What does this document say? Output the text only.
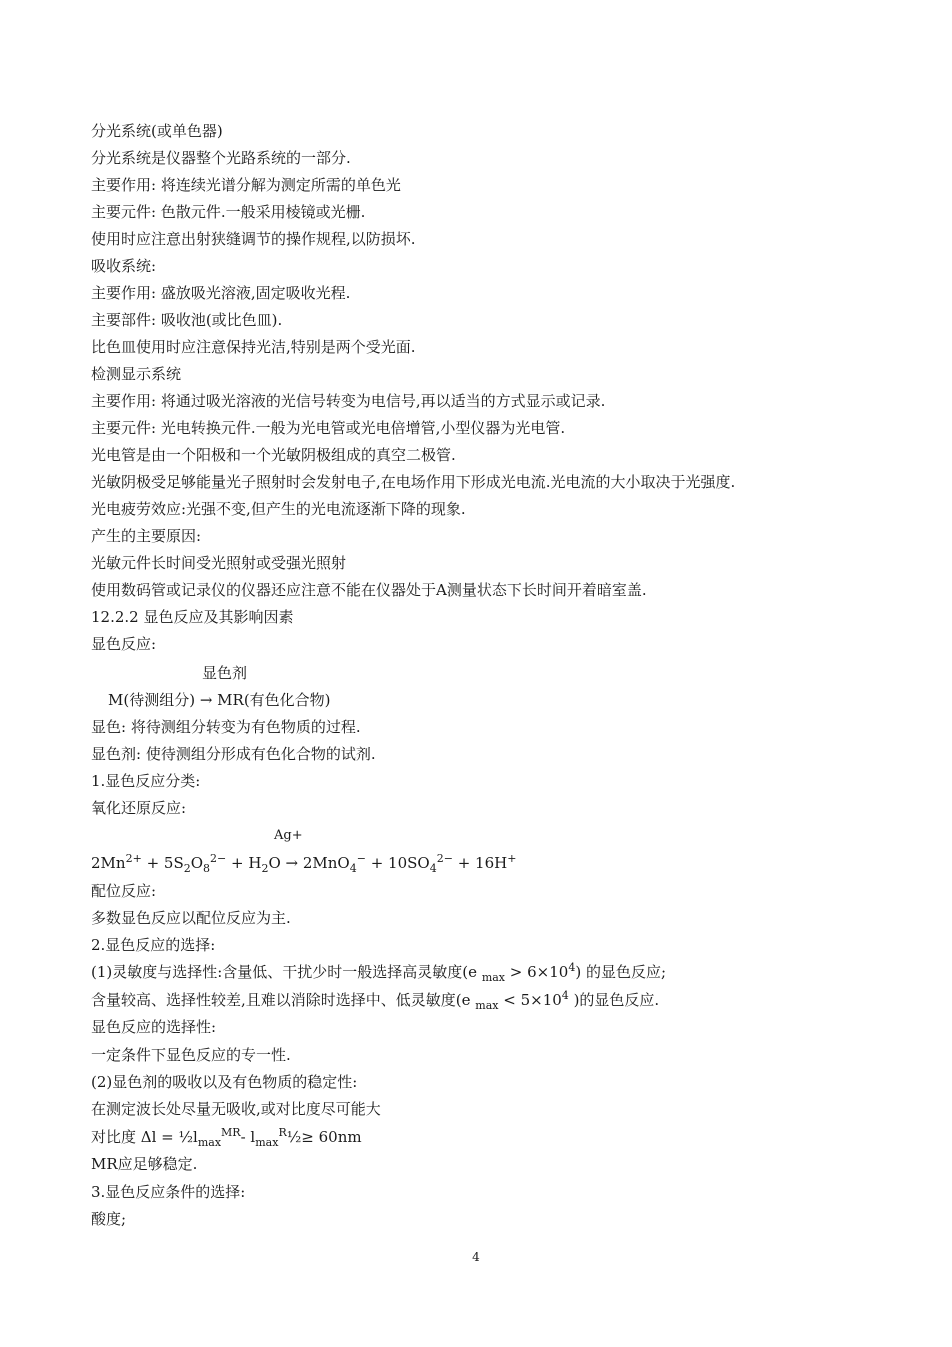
分光系统(或单色器)
分光系统是仪器整个光路系统的一部分.
主要作用: 将连续光谱分解为测定所需的单色光
主要元件: 色散元件.一般采用棱镜或光栅.
使用时应注意出射狭缝调节的操作规程,以防损坏.
吸收系统:
主要作用: 盛放吸光溶液,固定吸收光程.
主要部件: 吸收池(或比色皿).
比色皿使用时应注意保持光洁,特别是两个受光面.
检测显示系统
主要作用: 将通过吸光溶液的光信号转变为电信号,再以适当的方式显示或记录.
主要元件: 光电转换元件.一般为光电管或光电倍增管,小型仪器为光电管.
光电管是由一个阳极和一个光敏阴极组成的真空二极管.
光敏阴极受足够能量光子照射时会发射电子,在电场作用下形成光电流.光电流的大小取决于光强度.
光电疲劳效应:光强不变,但产生的光电流逐渐下降的现象.
产生的主要原因:
光敏元件长时间受光照射或受强光照射
使用数码管或记录仪的仪器还应注意不能在仪器处于A测量状态下长时间开着暗室盖.
12.2.2 显色反应及其影响因素
显色反应:
显色剂
M(待测组分) → MR(有色化合物)
显色: 将待测组分转变为有色物质的过程.
显色剂: 使待测组分形成有色化合物的试剂.
1.显色反应分类:
氧化还原反应:
Ag+
$2Mn^{2+} + 5S_2O_8^{2-} + H_2O \to 2MnO_4^- + 10SO_4^{2-} + 16H^+$
配位反应:
多数显色反应以配位反应为主.
2.显色反应的选择:
(1)灵敏度与选择性:含量低、干扰少时一般选择高灵敏度(e $_{max} > 6\times 10^4$) 的显色反应;
含量较高、选择性较差,且难以消除时选择中、低灵敏度(e $_{max} < 5\times 10^4$ )的显色反应.
显色反应的选择性:
一定条件下显色反应的专一性.
(2)显色剂的吸收以及有色物质的稳定性:
在测定波长处尽量无吸收,或对比度尽可能大
对比度 $\Delta l = \frac{1}{2}l_{max}^{MR}-$ $l_{max}^R\frac{1}{2}\ge 60nm$
MR应足够稳定.
3.显色反应条件的选择:
酸度;
4
